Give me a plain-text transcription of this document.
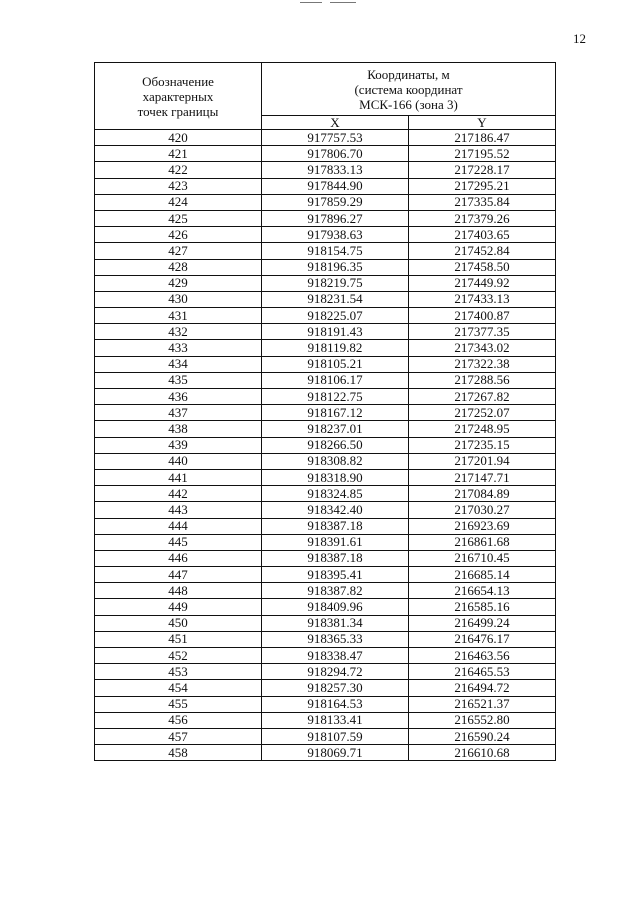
12
Обозначение
характерных
точек границы	Координаты, м
(система координат
МСК-166 (зона 3)	

	X	Y
420	917757.53	217186.47
421	917806.70	217195.52
422	917833.13	217228.17
423	917844.90	217295.21
424	917859.29	217335.84
425	917896.27	217379.26
426	917938.63	217403.65
427	918154.75	217452.84
428	918196.35	217458.50
429	918219.75	217449.92
430	918231.54	217433.13
431	918225.07	217400.87
432	918191.43	217377.35
433	918119.82	217343.02
434	918105.21	217322.38
435	918106.17	217288.56
436	918122.75	217267.82
437	918167.12	217252.07
438	918237.01	217248.95
439	918266.50	217235.15
440	918308.82	217201.94
441	918318.90	217147.71
442	918324.85	217084.89
443	918342.40	217030.27
444	918387.18	216923.69
445	918391.61	216861.68
446	918387.18	216710.45
447	918395.41	216685.14
448	918387.82	216654.13
449	918409.96	216585.16
450	918381.34	216499.24
451	918365.33	216476.17
452	918338.47	216463.56
453	918294.72	216465.53
454	918257.30	216494.72
455	918164.53	216521.37
456	918133.41	216552.80
457	918107.59	216590.24
458	918069.71	216610.68
